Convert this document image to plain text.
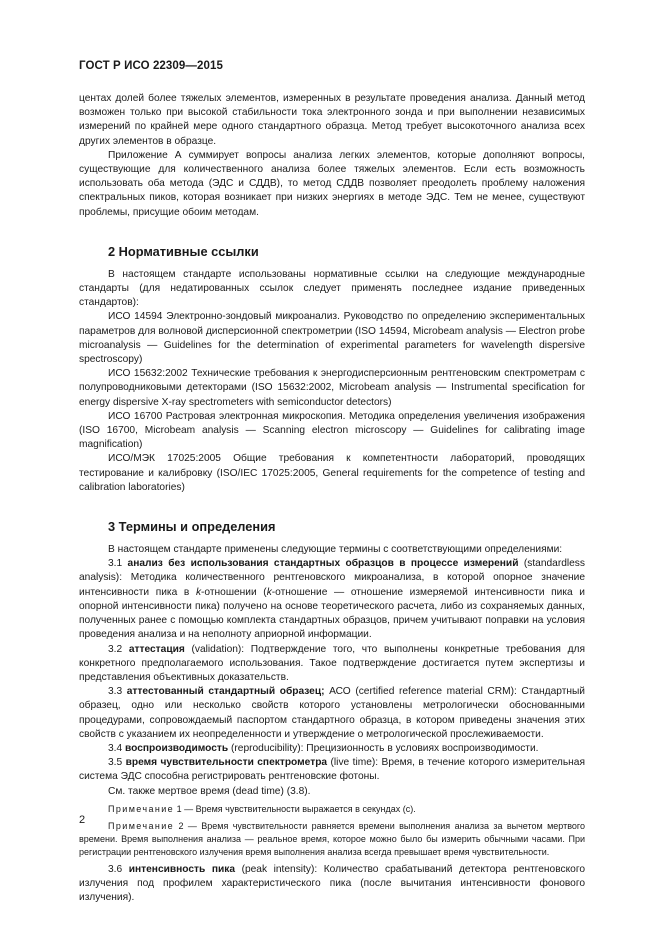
ГОСТ Р ИСО 22309—2015

центах долей более тяжелых элементов, измеренных в результате проведения анализа. Данный метод возможен только при высокой стабильности тока электронного зонда и при выполнении независимых измерений по крайней мере одного стандартного образца. Метод требует высокоточного анализа всех других элементов в образце.

Приложение А суммирует вопросы анализа легких элементов, которые дополняют вопросы, существующие для количественного анализа более тяжелых элементов. Если есть возможность использовать оба метода (ЭДС и СДДВ), то метод СДДВ позволяет преодолеть проблему наложения спектральных пиков, которая возникает при низких энергиях в методе ЭДС. Тем не менее, существуют проблемы, присущие обоим методам.

2 Нормативные ссылки

В настоящем стандарте использованы нормативные ссылки на следующие международные стандарты (для недатированных ссылок следует применять последнее издание приведенных стандартов):

ИСО 14594 Электронно-зондовый микроанализ. Руководство по определению экспериментальных параметров для волновой дисперсионной спектрометрии (ISO 14594, Microbeam analysis — Electron probe microanalysis — Guidelines for the determination of experimental parameters for wavelength dispersive spectroscopy)

ИСО 15632:2002 Технические требования к энергодисперсионным рентгеновским спектрометрам с полупроводниковыми детекторами (ISO 15632:2002, Microbeam analysis — Instrumental specification for energy dispersive X-ray spectrometers with semiconductor detectors)

ИСО 16700 Растровая электронная микроскопия. Методика определения увеличения изображения (ISO 16700, Microbeam analysis — Scanning electron microscopy — Guidelines for calibrating image magnification)

ИСО/МЭК 17025:2005 Общие требования к компетентности лабораторий, проводящих тестирование и калибровку (ISO/IEC 17025:2005, General requirements for the competence of testing and calibration laboratories)

3 Термины и определения

В настоящем стандарте применены следующие термины с соответствующими определениями:

3.1 анализ без использования стандартных образцов в процессе измерений (standardless analysis): Методика количественного рентгеновского микроанализа, в которой опорное значение интенсивности пика в k-отношении (k-отношение — отношение измеряемой интенсивности пика и опорной интенсивности пика) получено на основе теоретического расчета, либо из сохраняемых данных, полученных ранее с помощью комплекта стандартных образцов, причем учитывают поправки на условия проведения анализа и на неполноту априорной информации.

3.2 аттестация (validation): Подтверждение того, что выполнены конкретные требования для конкретного предполагаемого использования. Такое подтверждение достигается путем экспертизы и представления объективных доказательств.

3.3 аттестованный стандартный образец; АСО (certified reference material CRM): Стандартный образец, одно или несколько свойств которого установлены метрологически обоснованными процедурами, сопровождаемый паспортом стандартного образца, в котором приведены значения этих свойств с указанием их неопределенности и утверждение о метрологической прослеживаемости.

3.4 воспроизводимость (reproducibility): Прецизионность в условиях воспроизводимости.

3.5 время чувствительности спектрометра (live time): Время, в течение которого измерительная система ЭДС способна регистрировать рентгеновские фотоны.

См. также мертвое время (dead time) (3.8).

Примечание 1 — Время чувствительности выражается в секундах (с).

Примечание 2 — Время чувствительности равняется времени выполнения анализа за вычетом мертвого времени. Время выполнения анализа — реальное время, которое можно было бы измерить обычными часами. При регистрации рентгеновского излучения время выполнения анализа всегда превышает время чувствительности.

3.6 интенсивность пика (peak intensity): Количество срабатываний детектора рентгеновского излучения под профилем характеристического пика (после вычитания интенсивности фонового излучения).

2
